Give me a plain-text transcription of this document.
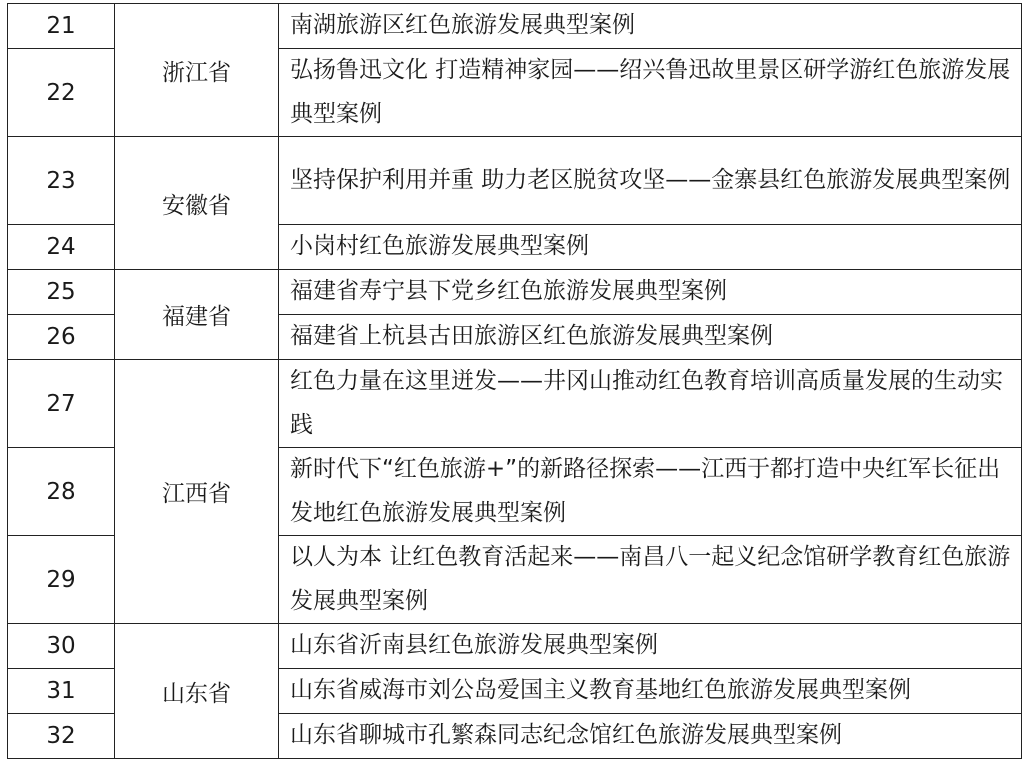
21	浙江省	南湖旅游区红色旅游发展典型案例
22		弘扬鲁迅文化 打造精神家园——绍兴鲁迅故里景区研学游红色旅游发展典型案例
23	安徽省	坚持保护利用并重 助力老区脱贫攻坚——金寨县红色旅游发展典型案例
24		小岗村红色旅游发展典型案例
25	福建省	福建省寿宁县下党乡红色旅游发展典型案例
26		福建省上杭县古田旅游区红色旅游发展典型案例
27	江西省	红色力量在这里迸发——井冈山推动红色教育培训高质量发展的生动实践
28		新时代下“红色旅游+”的新路径探索——江西于都打造中央红军长征出发地红色旅游发展典型案例
29		以人为本 让红色教育活起来——南昌八一起义纪念馆研学教育红色旅游发展典型案例
30	山东省	山东省沂南县红色旅游发展典型案例
31		山东省威海市刘公岛爱国主义教育基地红色旅游发展典型案例
32		山东省聊城市孔繁森同志纪念馆红色旅游发展典型案例
